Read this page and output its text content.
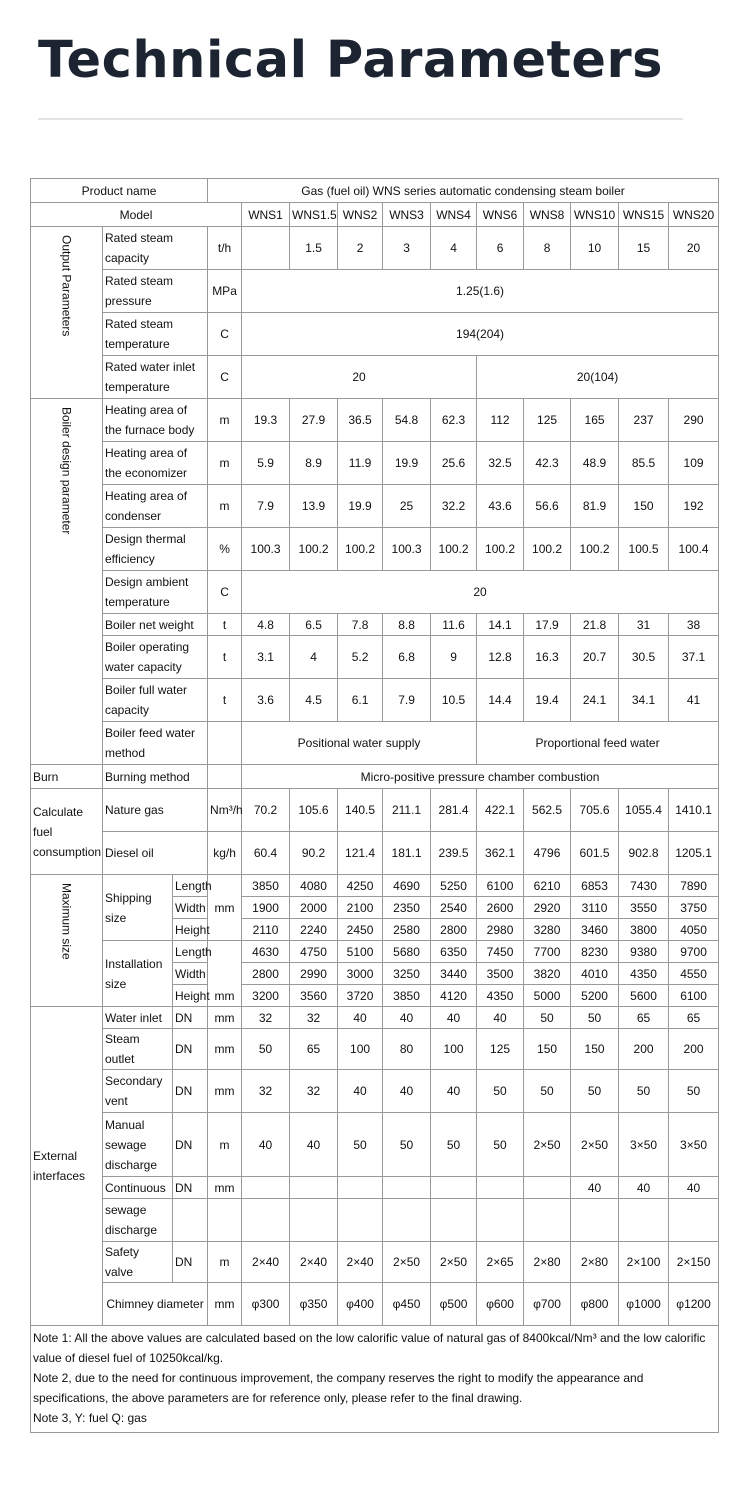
Technical Parameters
Product name			Gas (fuel oil) WNS series automatic condensing steam boiler										
Model				WNS1	WNS1.5	WNS2	WNS3	WNS4	WNS6	WNS8	WNS10	WNS15	WNS20

Output Parameters	Rated steam capacity		t/h		1.5	2	3	4	6	8	10	15	20
	Rated steam pressure		MPa	1.25(1.6)									
	Rated steam temperature		C	194(204)									
	Rated water inlet temperature		C	20					20(104)				

Boiler design parameter	Heating area of the furnace body		m	19.3	27.9	36.5	54.8	62.3	112	125	165	237	290
	Heating area of the economizer		m	5.9	8.9	11.9	19.9	25.6	32.5	42.3	48.9	85.5	109
	Heating area of condenser		m	7.9	13.9	19.9	25	32.2	43.6	56.6	81.9	150	192
	Design thermal efficiency		%	100.3	100.2	100.2	100.3	100.2	100.2	100.2	100.2	100.5	100.4
	Design ambient temperature		C	20									
	Boiler net weight		t	4.8	6.5	7.8	8.8	11.6	14.1	17.9	21.8	31	38
	Boiler operating water capacity		t	3.1	4	5.2	6.8	9	12.8	16.3	20.7	30.5	37.1
	Boiler full water capacity		t	3.6	4.5	6.1	7.9	10.5	14.4	19.4	24.1	34.1	41
	Boiler feed water method			Positional water supply					Proportional feed water				
Burn	Burning method			Micro-positive pressure chamber combustion									
Calculate fuel consumption	Nature gas		Nm³/h	70.2	105.6	140.5	211.1	281.4	422.1	562.5	705.6	1055.4	1410.1
	Diesel oil		kg/h	60.4	90.2	121.4	181.1	239.5	362.1	4796	601.5	902.8	1205.1

Maximum size	Shipping size	Length	mm	3850	4080	4250	4690	5250	6100	6210	6853	7430	7890
		Width		1900	2000	2100	2350	2540	2600	2920	3110	3550	3750
		Height		2110	2240	2450	2580	2800	2980	3280	3460	3800	4050
	Installation size	Length	mm	4630	4750	5100	5680	6350	7450	7700	8230	9380	9700
		Width		2800	2990	3000	3250	3440	3500	3820	4010	4350	4550
		Height		3200	3560	3720	3850	4120	4350	5000	5200	5600	6100
External interfaces	Water inlet	DN	mm	32	32	40	40	40	40	50	50	65	65
	Steam outlet	DN	mm	50	65	100	80	100	125	150	150	200	200
	Secondary vent	DN	mm	32	32	40	40	40	50	50	50	50	50
	Manual sewage discharge	DN	m	40	40	50	50	50	50	2×50	2×50	3×50	3×50
	Continuous	DN	mm								40	40	40
	sewage discharge												
	Safety valve	DN	m	2×40	2×40	2×40	2×50	2×50	2×65	2×80	2×80	2×100	2×150
	Chimney diameter		mm	φ300	φ350	φ400	φ450	φ500	φ600	φ700	φ800	φ1000	φ1200

Note 1: All the above values are calculated based on the low calorific value of natural gas of 8400kcal/Nm³ and the low calorific value of diesel fuel of 10250kcal/kg.
Note 2, due to the need for continuous improvement, the company reserves the right to modify the appearance and specifications, the above parameters are for reference only, please refer to the final drawing.
Note 3, Y: fuel Q: gas													
